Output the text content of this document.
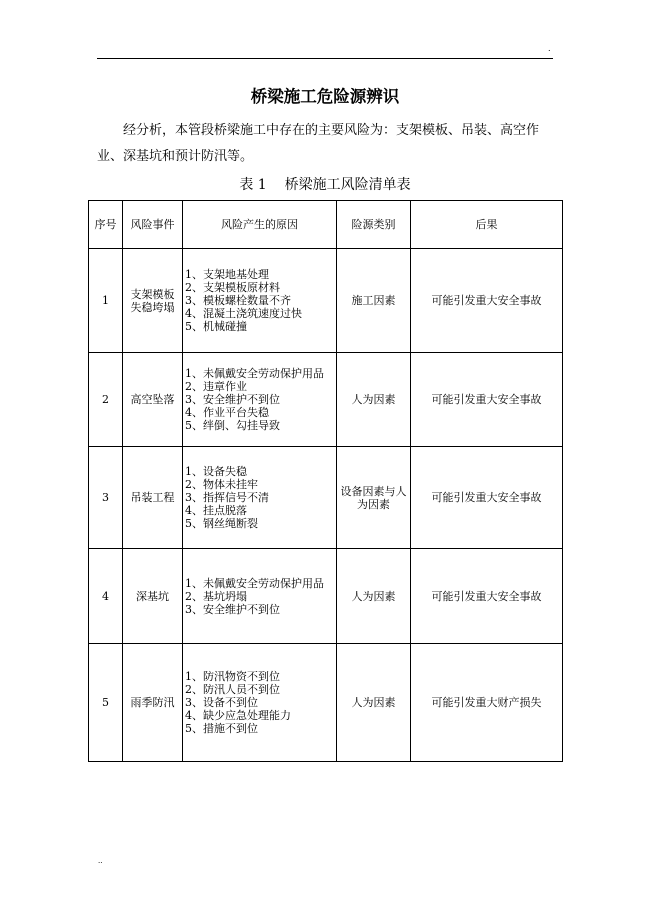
.
桥梁施工危险源辨识

经分析，本管段桥梁施工中存在的主要风险为：支架模板、吊装、高空作业、深基坑和预计防汛等。

表 1 桥梁施工风险清单表
序号	风险事件	风险产生的原因	险源类别	后果
1	支架模板失稳垮塌	1、支架地基处理
2、支架模板原材料
3、模板螺栓数量不齐
4、混凝土浇筑速度过快
5、机械碰撞	施工因素	可能引发重大安全事故
2	高空坠落	1、未佩戴安全劳动保护用品
2、违章作业
3、安全维护不到位
4、作业平台失稳
5、绊倒、勾挂导致	人为因素	可能引发重大安全事故
3	吊装工程	1、设备失稳
2、物体未挂牢
3、指挥信号不清
4、挂点脱落
5、钢丝绳断裂	设备因素与人为因素	可能引发重大安全事故
4	深基坑	1、未佩戴安全劳动保护用品
2、基坑坍塌
3、安全维护不到位	人为因素	可能引发重大安全事故
5	雨季防汛	1、防汛物资不到位
2、防汛人员不到位
3、设备不到位
4、缺少应急处理能力
5、措施不到位	人为因素	可能引发重大财产损失
..
